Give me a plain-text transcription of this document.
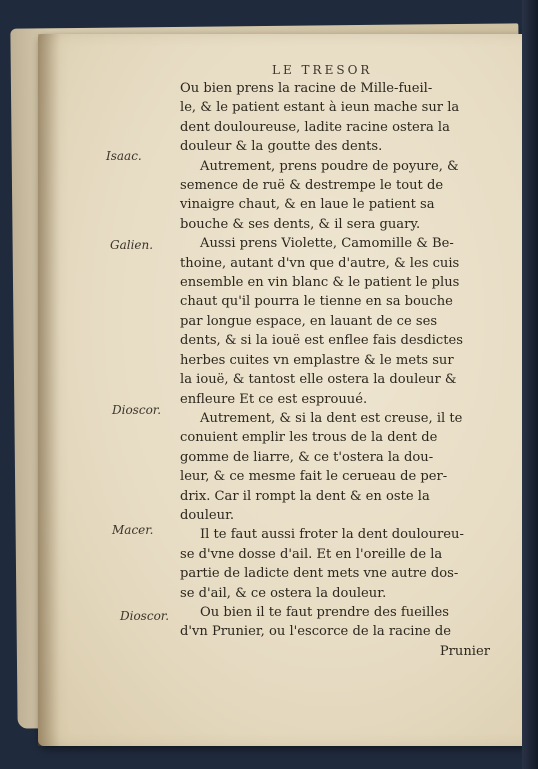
LE TRESOR
Isaac.
Galien.
Dioscor.
Macer.
Dioscor.
Ou bien prens la racine de Mille-fueil-
le, & le patient estant à ieun mache sur la
dent douloureuse, ladite racine ostera la
douleur & la goutte des dents.
Autrement, prens poudre de poyure, &
semence de ruë & destrempe le tout de
vinaigre chaut, & en laue le patient sa
bouche & ses dents, & il sera guary.
Aussi prens Violette, Camomille & Be-
thoine, autant d'vn que d'autre, & les cuis
ensemble en vin blanc & le patient le plus
chaut qu'il pourra le tienne en sa bouche
par longue espace, en lauant de ce ses
dents, & si la iouë est enflee fais desdictes
herbes cuites vn emplastre & le mets sur
la iouë, & tantost elle ostera la douleur &
enfleure Et ce est esprouué.
Autrement, & si la dent est creuse, il te
conuient emplir les trous de la dent de
gomme de liarre, & ce t'ostera la dou-
leur, & ce mesme fait le cerueau de per-
drix. Car il rompt la dent & en oste la
douleur.
Il te faut aussi froter la dent douloureu-
se d'vne dosse d'ail. Et en l'oreille de la
partie de ladicte dent mets vne autre dos-
se d'ail, & ce ostera la douleur.
Ou bien il te faut prendre des fueilles
d'vn Prunier, ou l'escorce de la racine de
Prunier
